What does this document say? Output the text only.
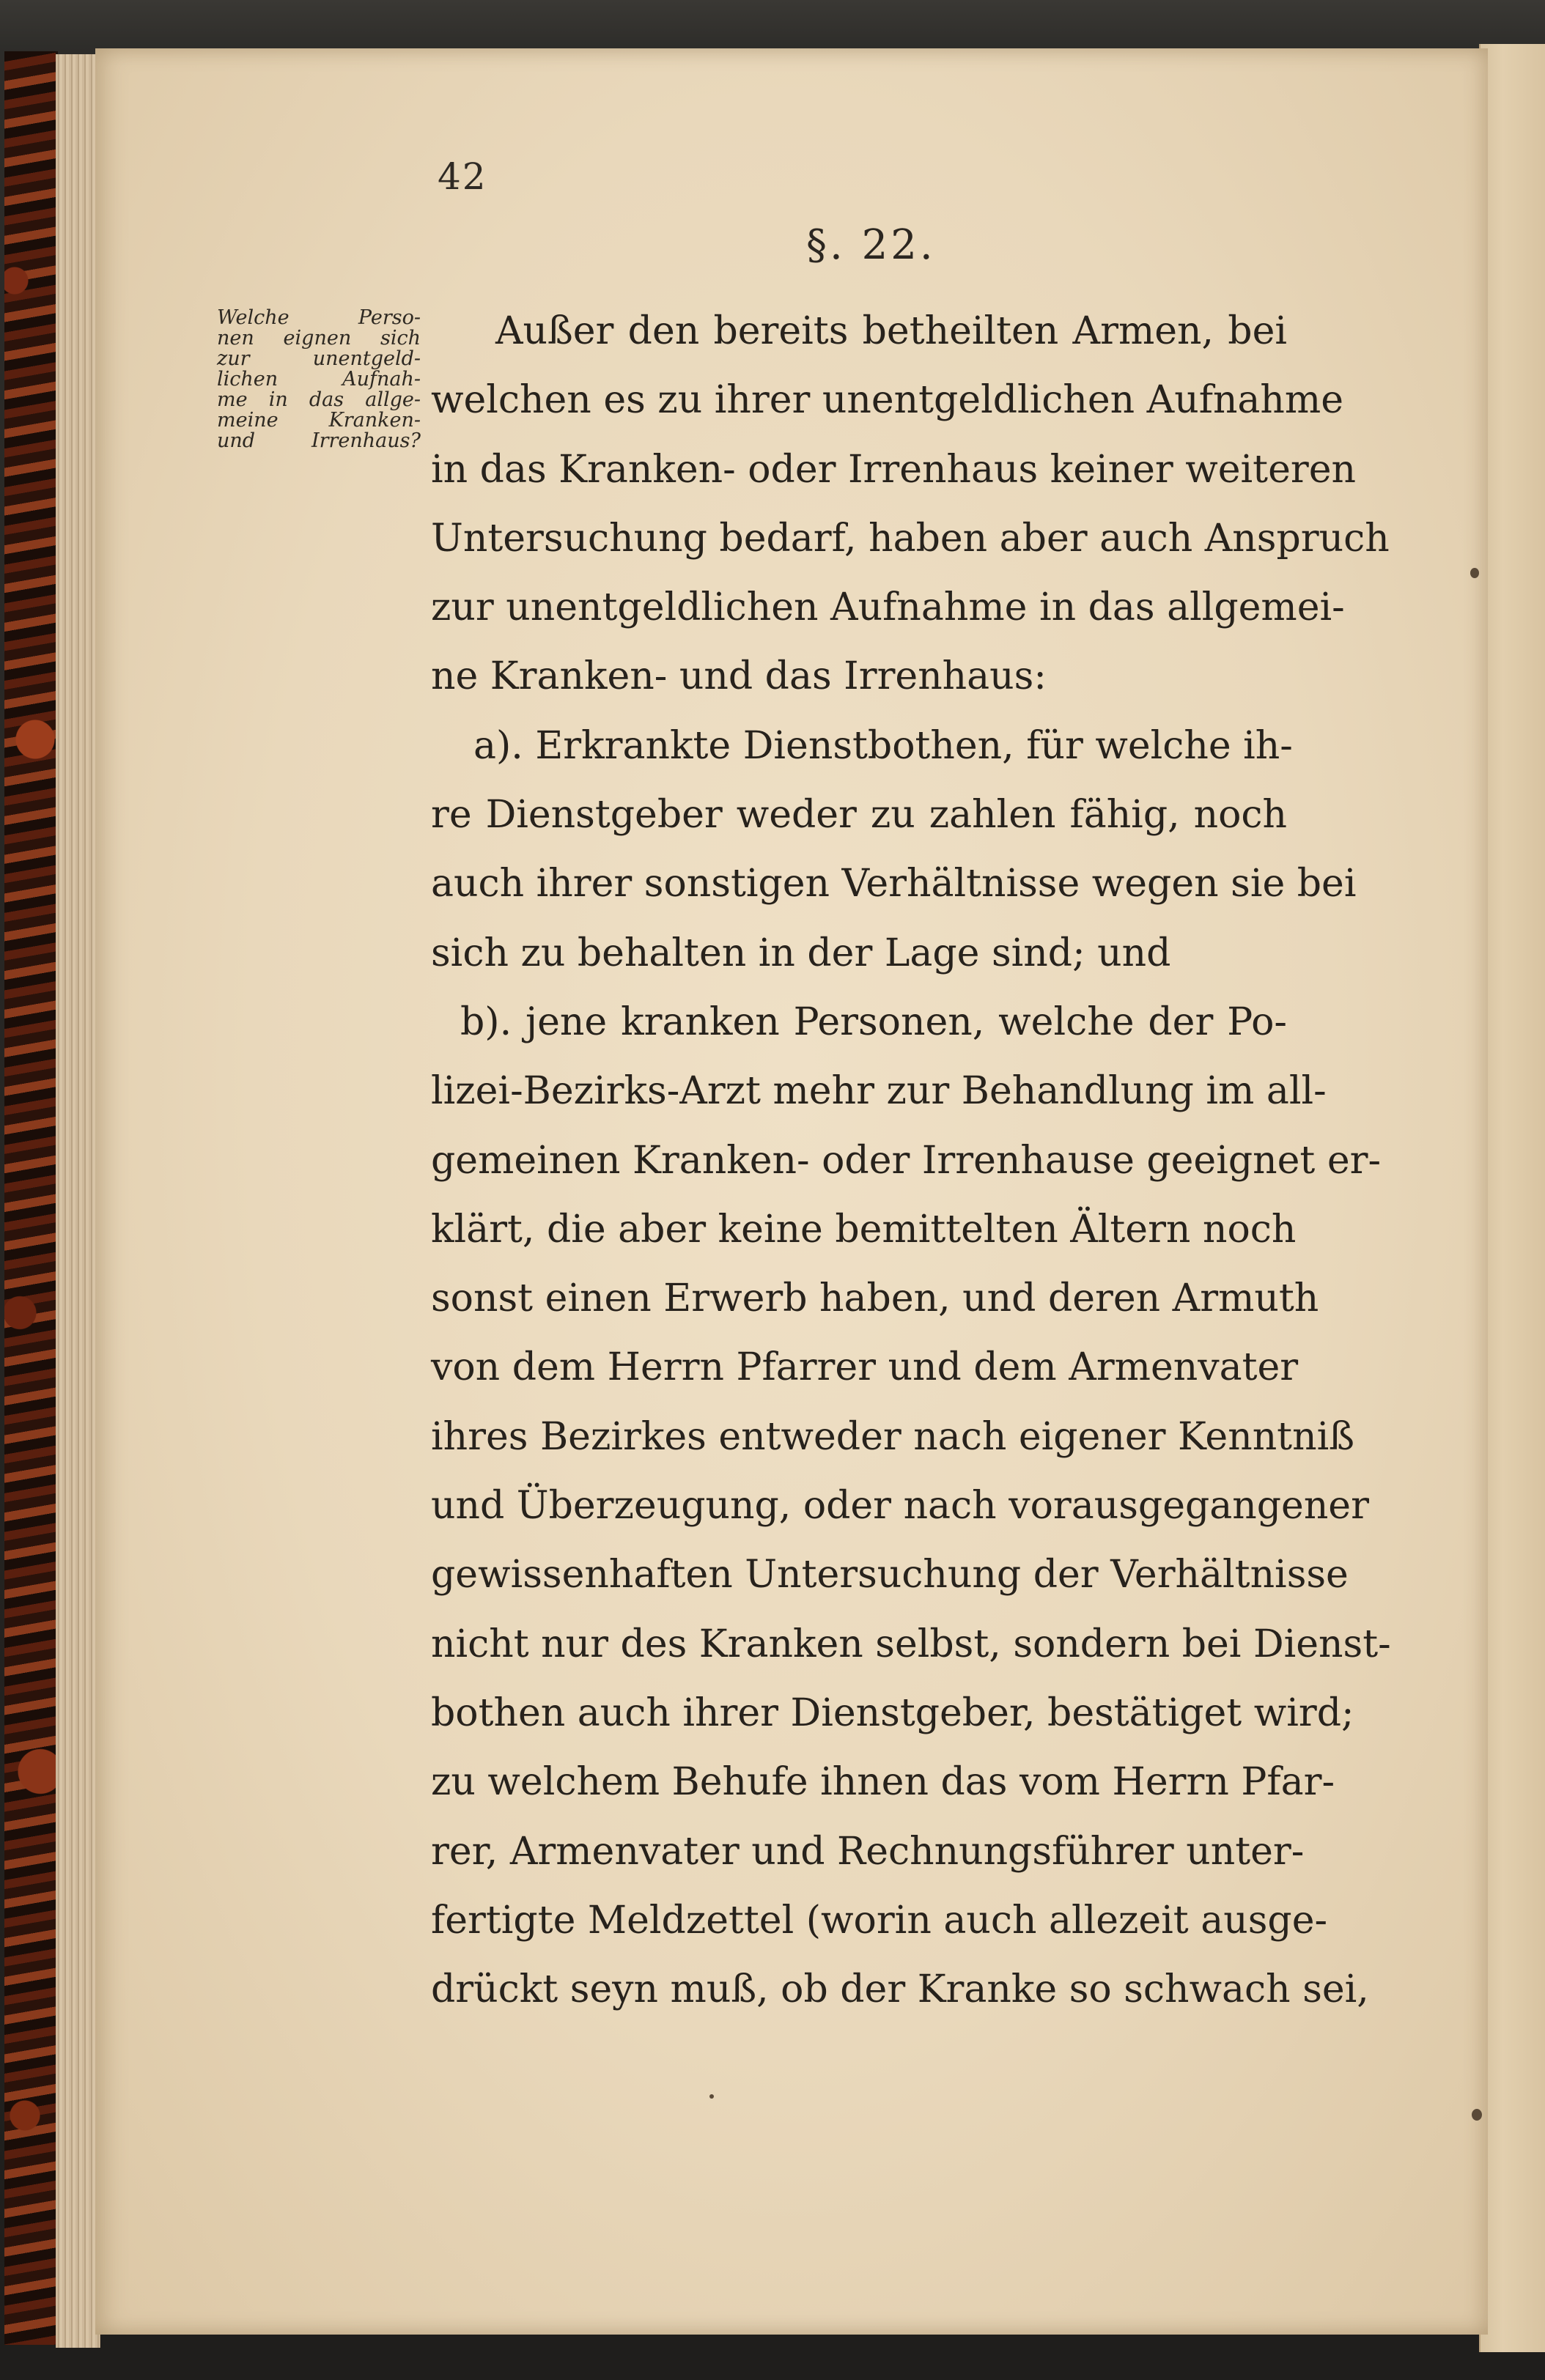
42
§. 22.
Welche Perso-
nen eignen sich
zur unentgeld-
lichen Aufnah-
me in das allge-
meine Kranken-
und Irrenhaus?
Außer den bereits betheilten Armen, bei
welchen es zu ihrer unentgeldlichen Aufnahme
in das Kranken- oder Irrenhaus keiner weiteren
Untersuchung bedarf, haben aber auch Anspruch
zur unentgeldlichen Aufnahme in das allgemei-
ne Kranken- und das Irrenhaus:
a). Erkrankte Dienstbothen, für welche ih-
re Dienstgeber weder zu zahlen fähig, noch
auch ihrer sonstigen Verhältnisse wegen sie bei
sich zu behalten in der Lage sind; und
b). jene kranken Personen, welche der Po-
lizei-Bezirks-Arzt mehr zur Behandlung im all-
gemeinen Kranken- oder Irrenhause geeignet er-
klärt, die aber keine bemittelten Ältern noch
sonst einen Erwerb haben, und deren Armuth
von dem Herrn Pfarrer und dem Armenvater
ihres Bezirkes entweder nach eigener Kenntniß
und Überzeugung, oder nach vorausgegangener
gewissenhaften Untersuchung der Verhältnisse
nicht nur des Kranken selbst, sondern bei Dienst-
bothen auch ihrer Dienstgeber, bestätiget wird;
zu welchem Behufe ihnen das vom Herrn Pfar-
rer, Armenvater und Rechnungsführer unter-
fertigte Meldzettel (worin auch allezeit ausge-
drückt seyn muß, ob der Kranke so schwach sei,
